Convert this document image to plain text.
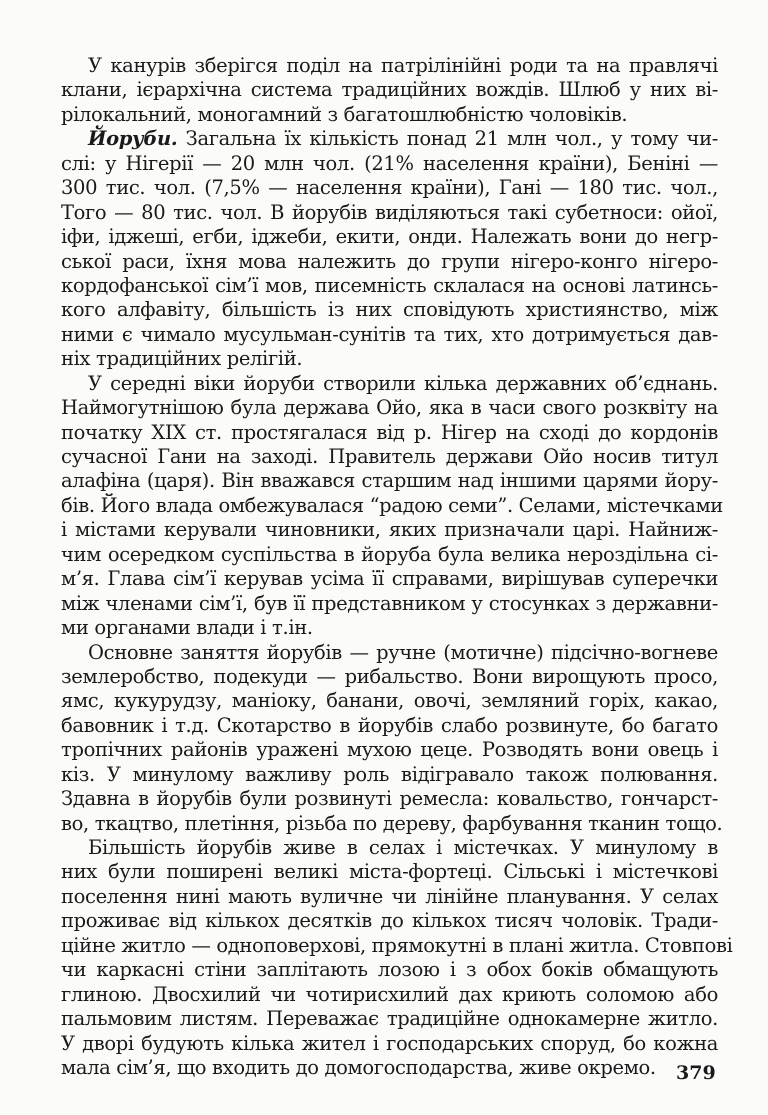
У канурів зберігся поділ на патрілінійні роди та на правлячі
клани, ієрархічна система традиційних вождів. Шлюб у них ві-
рілокальний, моногамний з багатошлюбністю чоловіків.
Йоруби. Загальна їх кількість понад 21 млн чол., у тому чи-
слі: у Нігерії — 20 млн чол. (21% населення країни), Беніні —
300 тис. чол. (7,5% — населення країни), Гані — 180 тис. чол.,
Того — 80 тис. чол. В йорубів виділяються такі субетноси: ойої,
іфи, іджеші, егби, іджеби, екити, онди. Належать вони до негр-
ської раси, їхня мова належить до групи нігеро-конго нігеро-
кордофанської сім’ї мов, писемність склалася на основі латинсь-
кого алфавіту, більшість із них сповідують християнство, між
ними є чимало мусульман-сунітів та тих, хто дотримується дав-
ніх традиційних релігій.
У середні віки йоруби створили кілька державних об’єднань.
Наймогутнішою була держава Ойо, яка в часи свого розквіту на
початку XIX ст. простягалася від р. Нігер на сході до кордонів
сучасної Гани на заході. Правитель держави Ойо носив титул
алафіна (царя). Він вважався старшим над іншими царями йору-
бів. Його влада омбежувалася “радою семи”. Селами, містечками
і містами керували чиновники, яких призначали царі. Найниж-
чим осередком суспільства в йоруба була велика нероздільна сі-
м’я. Глава сім’ї керував усіма її справами, вирішував суперечки
між членами сім’ї, був її представником у стосунках з державни-
ми органами влади і т.ін.
Основне заняття йорубів — ручне (мотичне) підсічно-вогневе
землеробство, подекуди — рибальство. Вони вирощують просо,
ямс, кукурудзу, маніоку, банани, овочі, земляний горіх, какао,
бавовник і т.д. Скотарство в йорубів слабо розвинуте, бо багато
тропічних районів уражені мухою цеце. Розводять вони овець і
кіз. У минулому важливу роль відігравало також полювання.
Здавна в йорубів були розвинуті ремесла: ковальство, гончарст-
во, ткацтво, плетіння, різьба по дереву, фарбування тканин тощо.
Більшість йорубів живе в селах і містечках. У минулому в
них були поширені великі міста-фортеці. Сільські і містечкові
поселення нині мають вуличне чи лінійне планування. У селах
проживає від кількох десятків до кількох тисяч чоловік. Тради-
ційне житло — одноповерхові, прямокутні в плані житла. Стовпові
чи каркасні стіни заплітають лозою і з обох боків обмащують
глиною. Двосхилий чи чотирисхилий дах криють соломою або
пальмовим листям. Переважає традиційне однокамерне житло.
У дворі будують кілька жител і господарських споруд, бо кожна
мала сім’я, що входить до домогосподарства, живе окремо.	379
